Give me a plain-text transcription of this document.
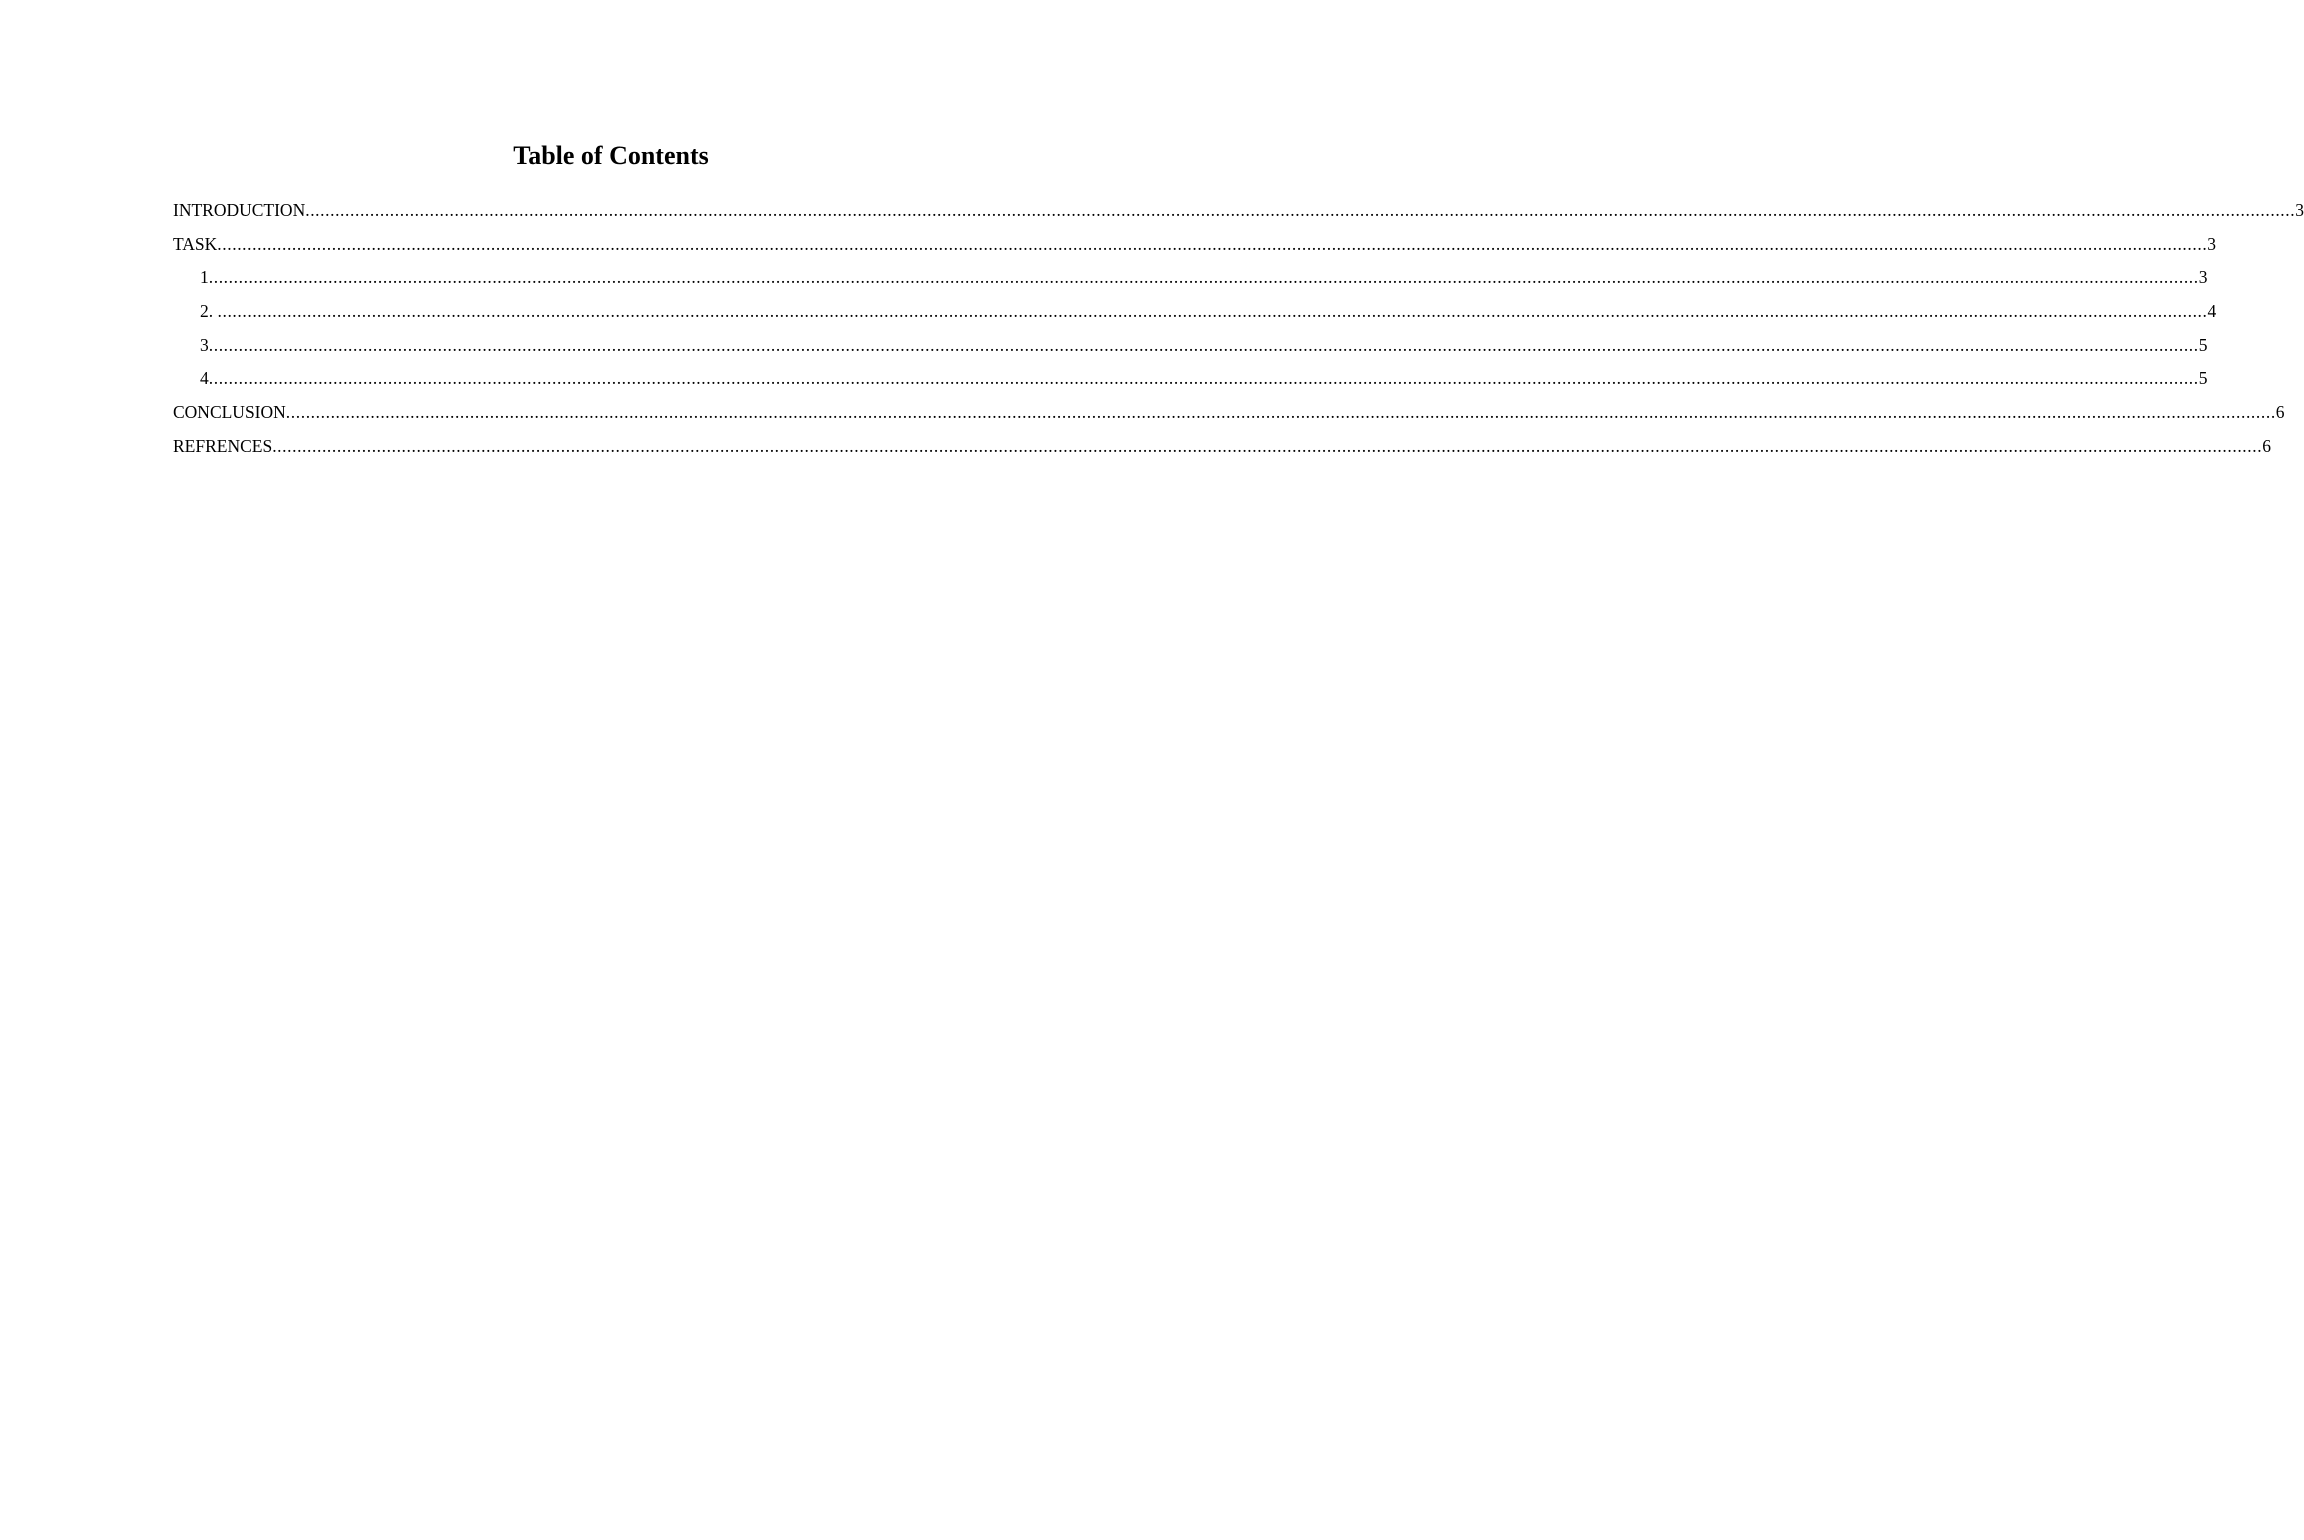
Table of Contents
INTRODUCTION ................................................................................................................................................................................................................................................................................................................................................................................................................ 3
TASK ................................................................................................................................................................................................................................................................................................................................................................................................................ 3
1 ................................................................................................................................................................................................................................................................................................................................................................................................................ 3
2. ................................................................................................................................................................................................................................................................................................................................................................................................................ 4
3 ................................................................................................................................................................................................................................................................................................................................................................................................................ 5
4 ................................................................................................................................................................................................................................................................................................................................................................................................................ 5
CONCLUSION ................................................................................................................................................................................................................................................................................................................................................................................................................ 6
REFRENCES ................................................................................................................................................................................................................................................................................................................................................................................................................ 6
